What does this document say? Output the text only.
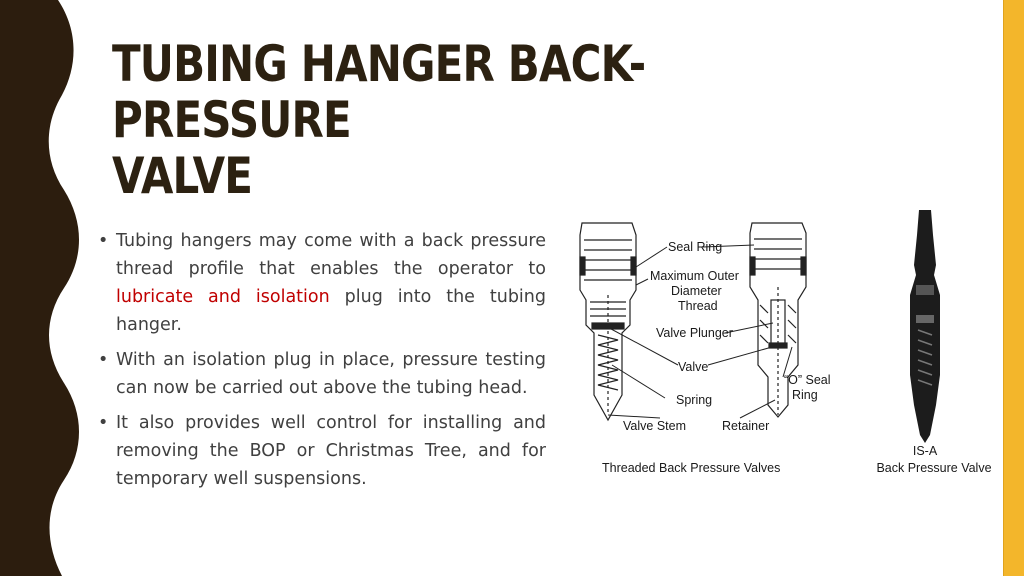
TUBING HANGER BACK-PRESSURE
VALVE
• Tubing hangers may come with a back pressure thread profile that enables the operator to lubricate and isolation plug into the tubing hanger.
• With an isolation plug in place, pressure testing can now be carried out above the tubing head.
• It also provides well control for installing and removing the BOP or Christmas Tree, and for temporary well suspensions.
Seal Ring
Maximum Outer
Diameter
Thread
Valve Plunger
Valve
“O” Seal
Ring
Spring
Valve Stem	Retainer
Threaded Back Pressure Valves
IS-A
Back Pressure Valve
